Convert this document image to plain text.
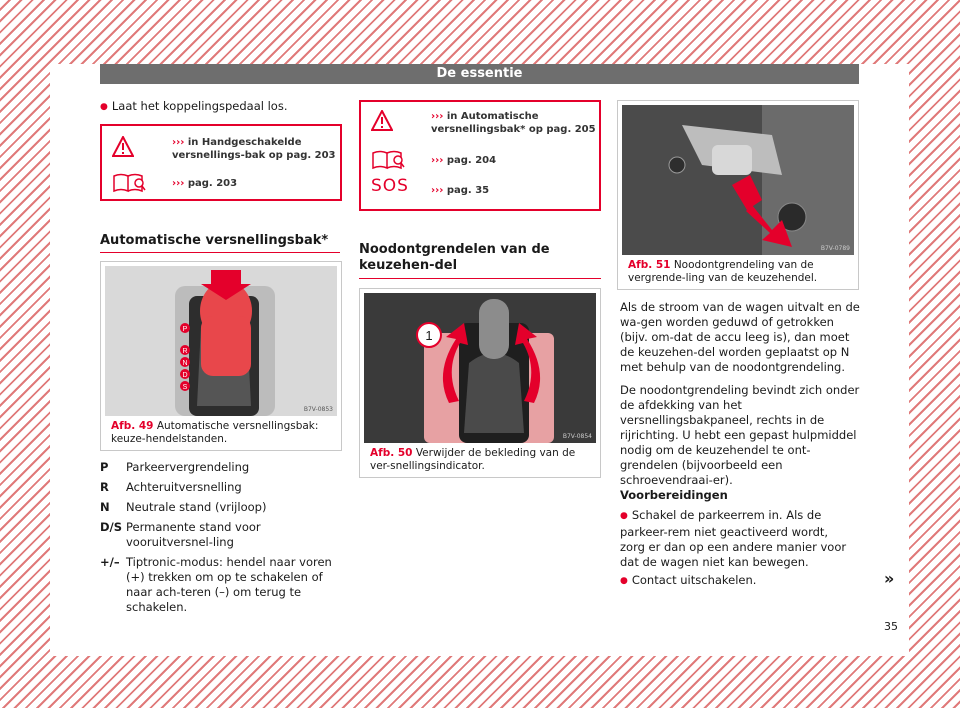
De essentie
● Laat het koppelingspedaal los.
››› in Handgeschakelde versnellings-bak op pag. 203
››› pag. 203
Automatische versnellingsbak*
P
R
N
D
S
B7V-0853
Afb. 49 Automatische versnellingsbak: keuze-hendelstanden.
P	Parkeervergrendeling
R	Achteruitversnelling
N	Neutrale stand (vrijloop)
D/S Permanente stand voor vooruitversnel-ling
+/– Tiptronic-modus: hendel naar voren (+) trekken om op te schakelen of naar ach-teren (–) om terug te schakelen.
››› in Automatische versnellingsbak* op pag. 205
››› pag. 204
SOS ››› pag. 35
Noodontgrendelen van de keuzehen-del
1
B7V-0854
Afb. 50 Verwijder de bekleding van de ver-snellingsindicator.
B7V-0789
Afb. 51 Noodontgrendeling van de vergrende-ling van de keuzehendel.
Als de stroom van de wagen uitvalt en de wa-gen worden geduwd of getrokken (bijv. om-dat de accu leeg is), dan moet de keuzehen-del worden geplaatst op N met behulp van de noodontgrendeling.
De noodontgrendeling bevindt zich onder de afdekking van het versnellingsbakpaneel, rechts in de rijrichting. U hebt een gepast hulpmiddel nodig om de keuzehendel te ont-grendelen (bijvoorbeeld een schroevendraai-er).
Voorbereidingen
● Schakel de parkeerrem in. Als de parkeer-rem niet geactiveerd wordt, zorg er dan op een andere manier voor dat de wagen niet kan bewegen.
● Contact uitschakelen.	»
35
